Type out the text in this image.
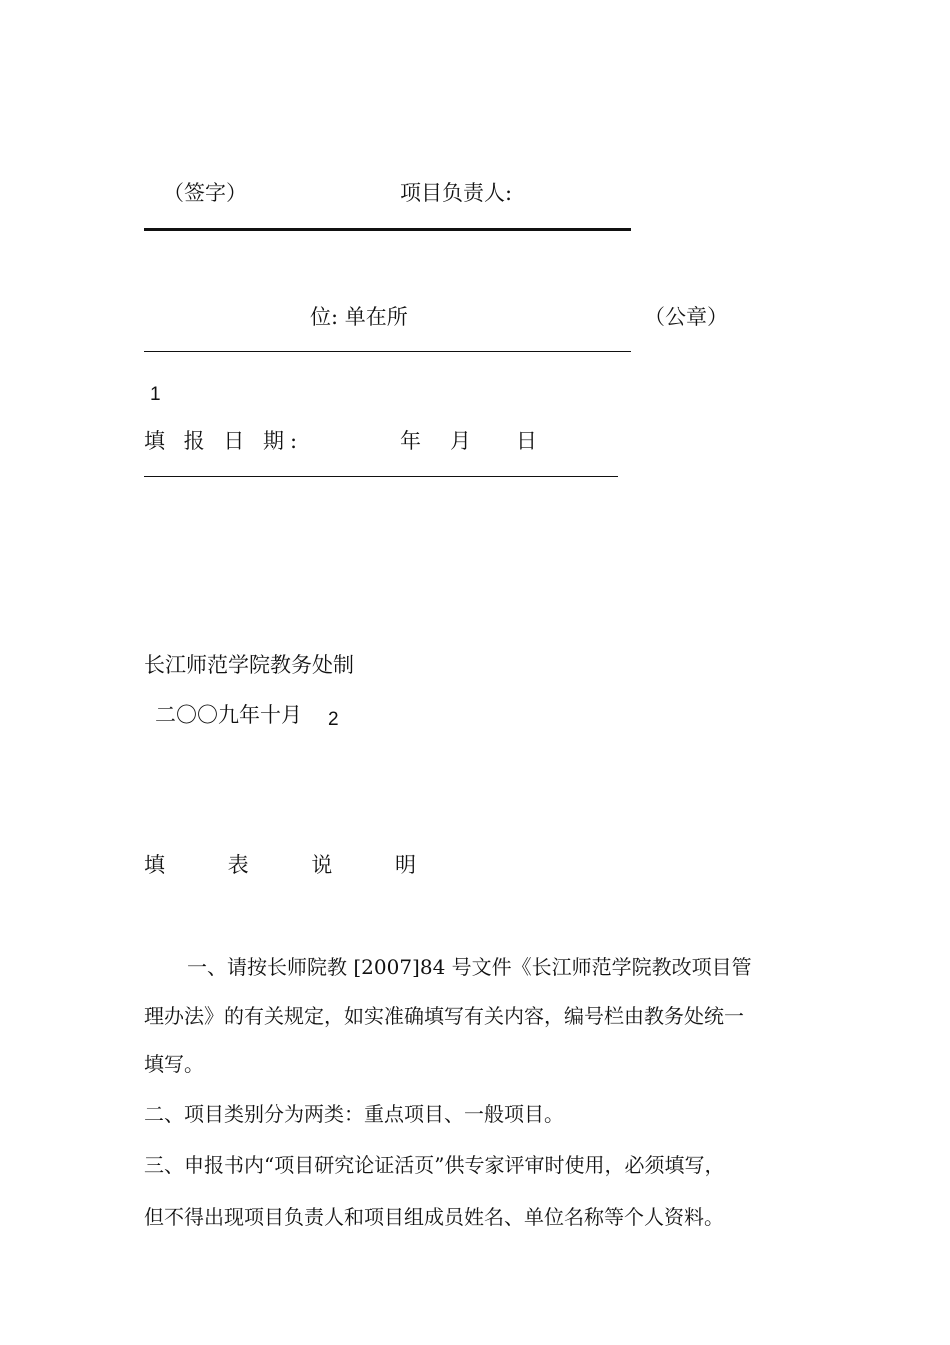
（签字）	项目负责人:
位: 单在所	（公章）
1
填 报 日 期:	年 月 日
长江师范学院教务处制
二〇〇九年十月 2
填 表 说 明
一、请按长师院教 [2007]84 号文件《长江师范学院教改项目管
理办法》的有关规定，如实准确填写有关内容，编号栏由教务处统一
填写。
二、项目类别分为两类：重点项目、一般项目。
三、申报书内“项目研究论证活页”供专家评审时使用，必须填写，
但不得出现项目负责人和项目组成员姓名、单位名称等个人资料。
